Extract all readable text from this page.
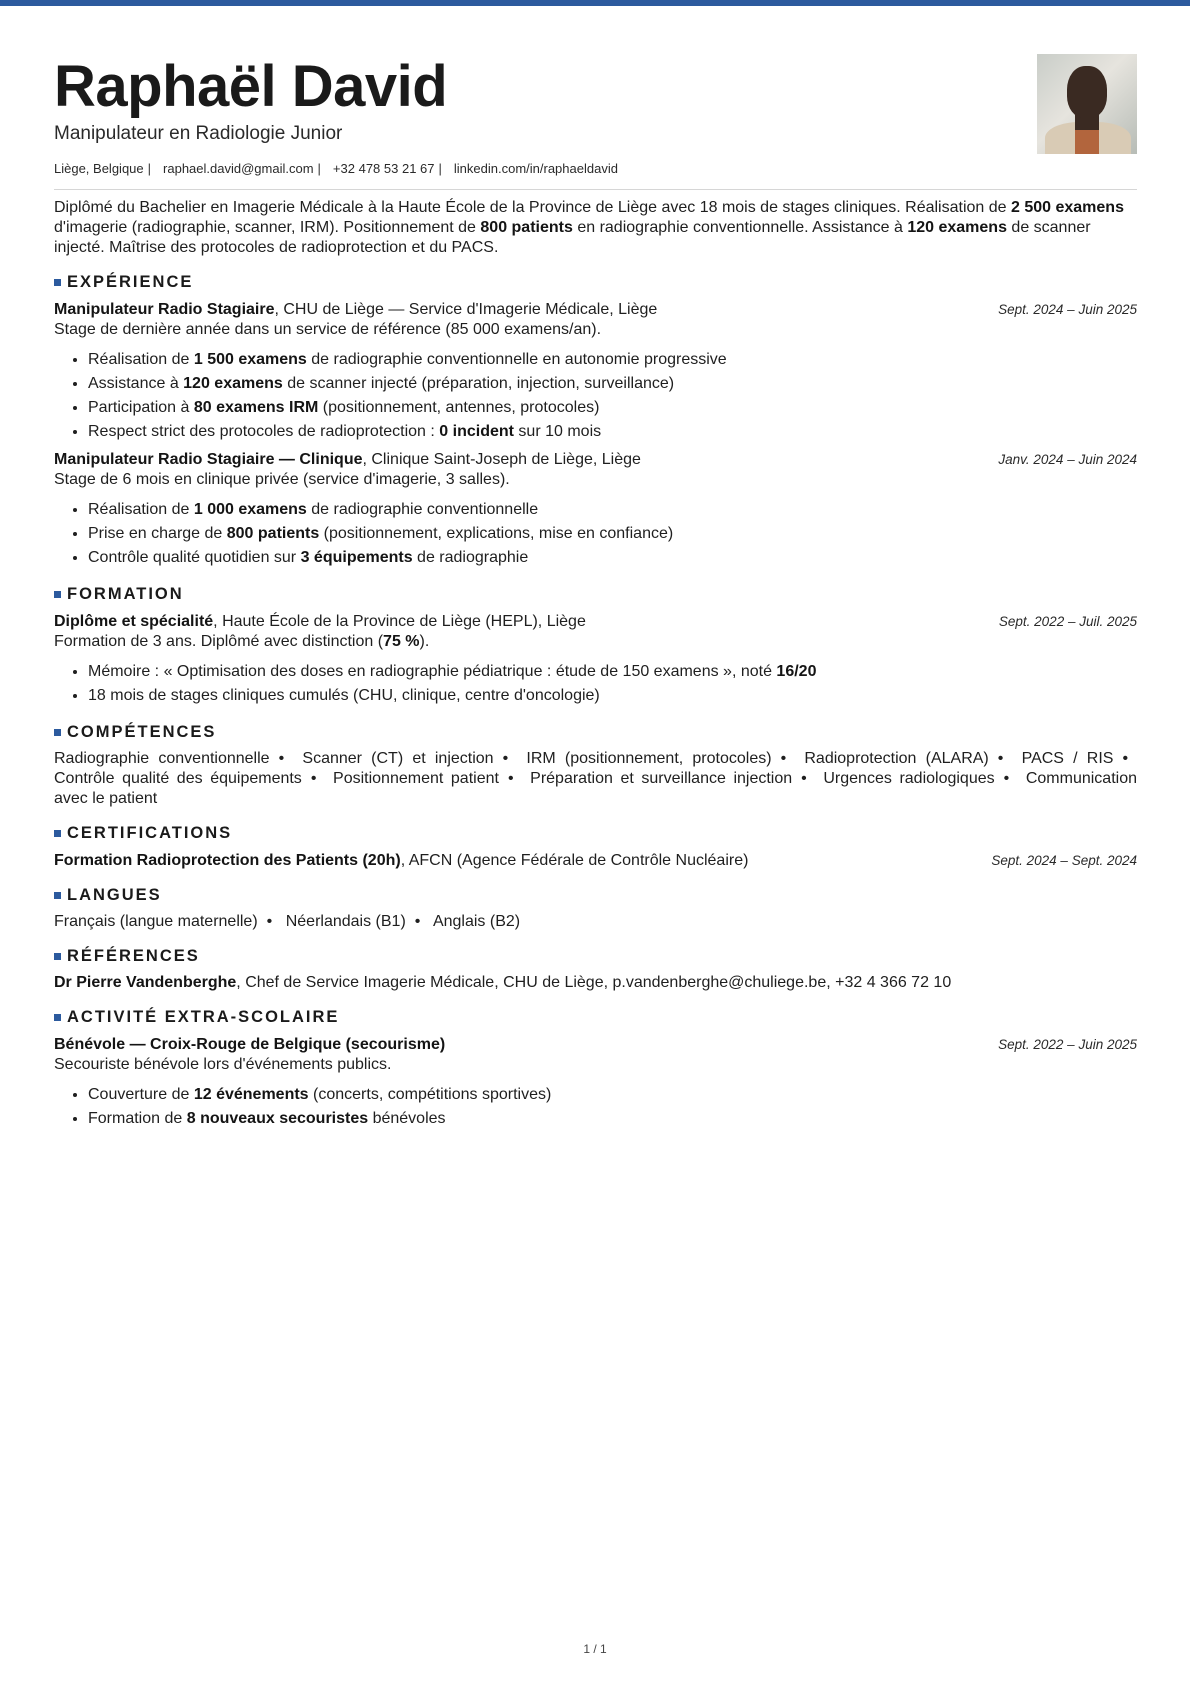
Raphaël David
Manipulateur en Radiologie Junior
Liège, Belgique | raphael.david@gmail.com | +32 478 53 21 67 | linkedin.com/in/raphaeldavid

Diplômé du Bachelier en Imagerie Médicale à la Haute École de la Province de Liège avec 18 mois de stages cliniques. Réalisation de 2 500 examens d'imagerie (radiographie, scanner, IRM). Positionnement de 800 patients en radiographie conventionnelle. Assistance à 120 examens de scanner injecté. Maîtrise des protocoles de radioprotection et du PACS.

EXPÉRIENCE
Manipulateur Radio Stagiaire, CHU de Liège — Service d'Imagerie Médicale, Liège	Sept. 2024 – Juin 2025
Stage de dernière année dans un service de référence (85 000 examens/an).
• Réalisation de 1 500 examens de radiographie conventionnelle en autonomie progressive
• Assistance à 120 examens de scanner injecté (préparation, injection, surveillance)
• Participation à 80 examens IRM (positionnement, antennes, protocoles)
• Respect strict des protocoles de radioprotection : 0 incident sur 10 mois
Manipulateur Radio Stagiaire — Clinique, Clinique Saint-Joseph de Liège, Liège	Janv. 2024 – Juin 2024
Stage de 6 mois en clinique privée (service d'imagerie, 3 salles).
• Réalisation de 1 000 examens de radiographie conventionnelle
• Prise en charge de 800 patients (positionnement, explications, mise en confiance)
• Contrôle qualité quotidien sur 3 équipements de radiographie
FORMATION
Diplôme et spécialité, Haute École de la Province de Liège (HEPL), Liège	Sept. 2022 – Juil. 2025
Formation de 3 ans. Diplômé avec distinction (75 %).
• Mémoire : « Optimisation des doses en radiographie pédiatrique : étude de 150 examens », noté 16/20
• 18 mois de stages cliniques cumulés (CHU, clinique, centre d'oncologie)
COMPÉTENCES
Radiographie conventionnelle • Scanner (CT) et injection • IRM (positionnement, protocoles) • Radioprotection (ALARA) • PACS / RIS • Contrôle qualité des équipements • Positionnement patient • Préparation et surveillance injection • Urgences radiologiques • Communication avec le patient
CERTIFICATIONS
Formation Radioprotection des Patients (20h), AFCN (Agence Fédérale de Contrôle Nucléaire)	Sept. 2024 – Sept. 2024
LANGUES
Français (langue maternelle) • Néerlandais (B1) • Anglais (B2)
RÉFÉRENCES
Dr Pierre Vandenberghe, Chef de Service Imagerie Médicale, CHU de Liège, p.vandenberghe@chuliege.be, +32 4 366 72 10
ACTIVITÉ EXTRA-SCOLAIRE
Bénévole — Croix-Rouge de Belgique (secourisme)	Sept. 2022 – Juin 2025
Secouriste bénévole lors d'événements publics.
• Couverture de 12 événements (concerts, compétitions sportives)
• Formation de 8 nouveaux secouristes bénévoles
1 / 1
